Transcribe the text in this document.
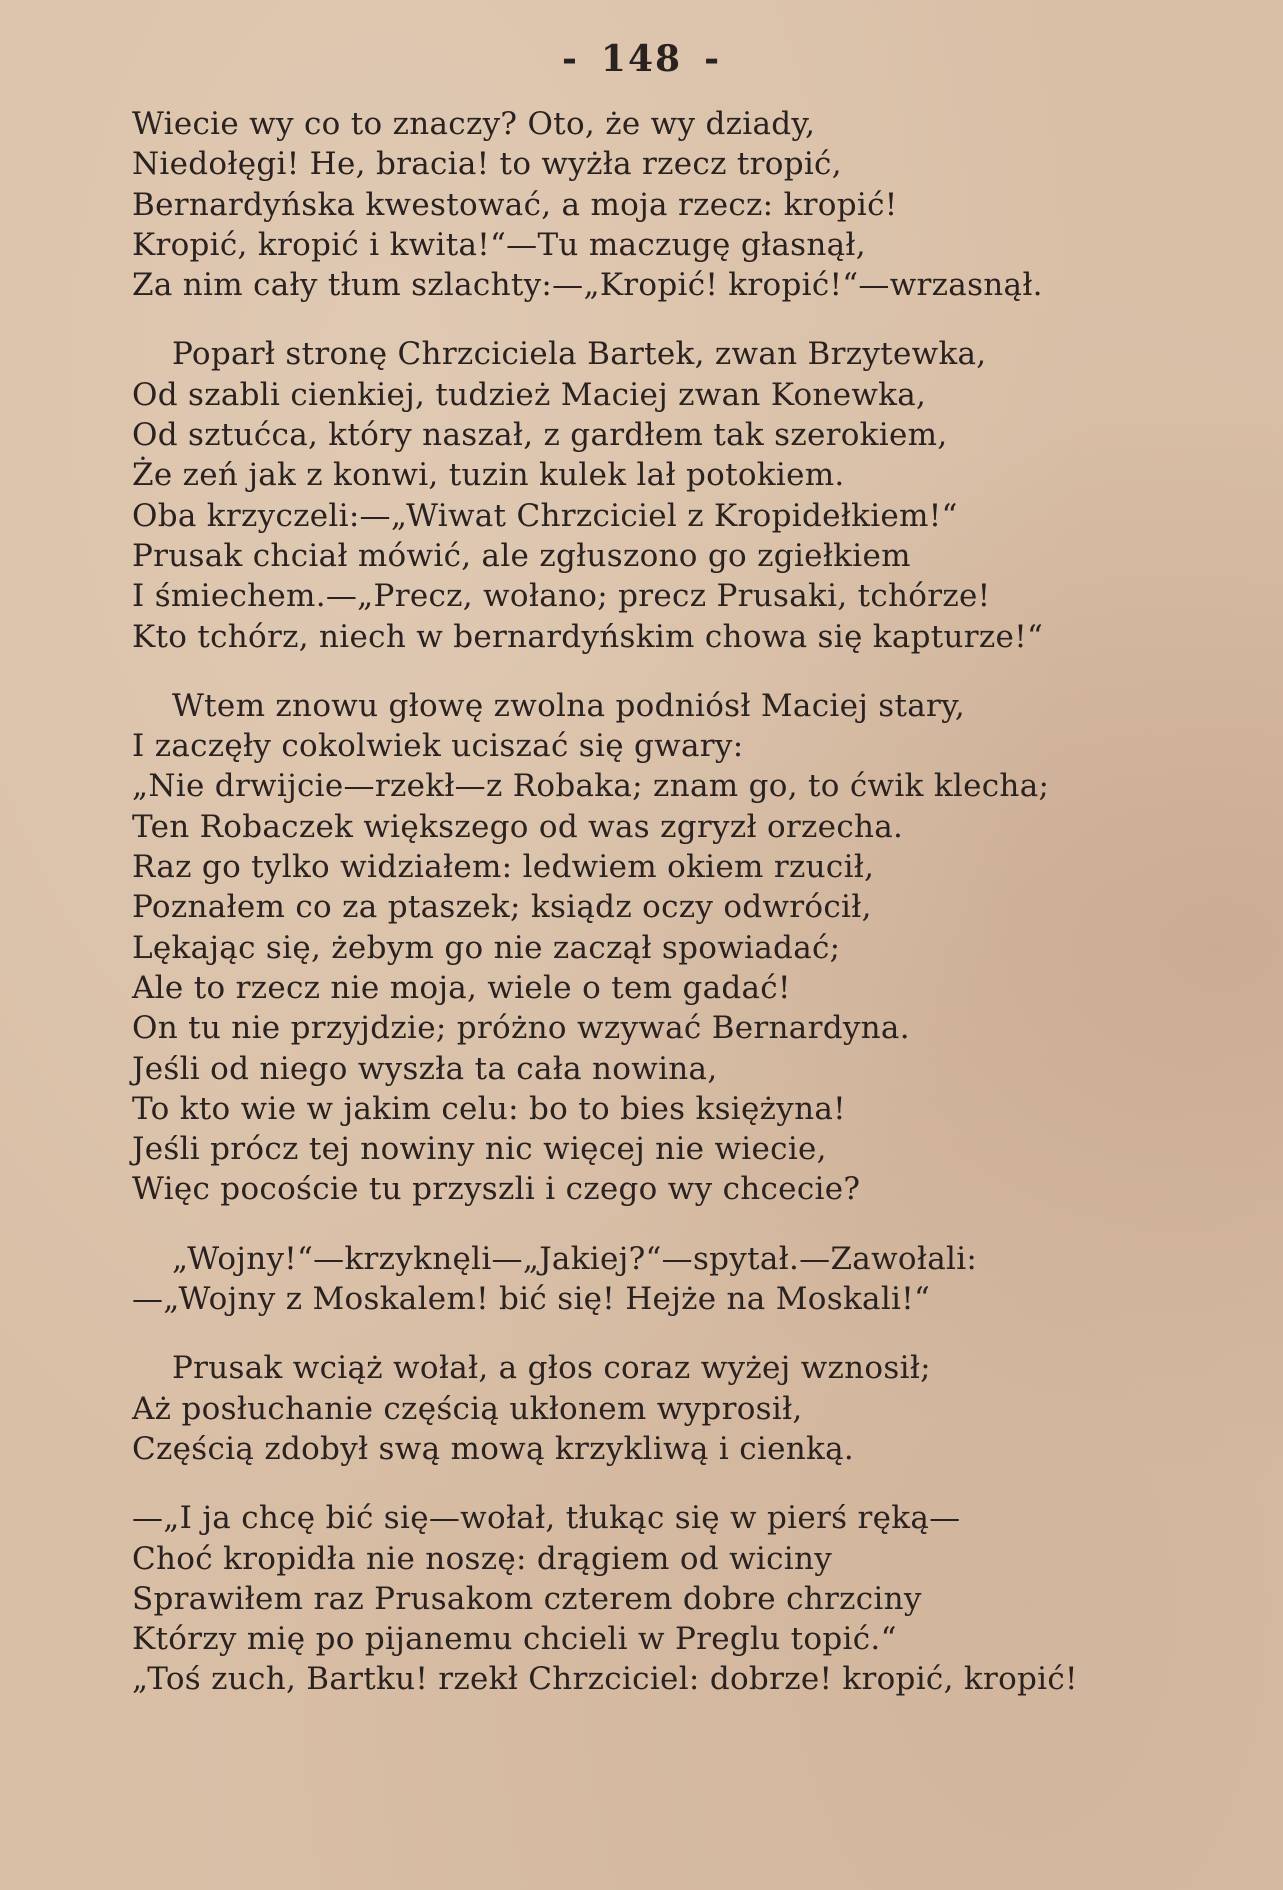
- 148 -
Wiecie wy co to znaczy? Oto, że wy dziady,
Niedołęgi! He, bracia! to wyżła rzecz tropić,
Bernardyńska kwestować, a moja rzecz: kropić!
Kropić, kropić i kwita!“—Tu maczugę głasnął,
Za nim cały tłum szlachty:—„Kropić! kropić!“—wrzasnął.
Poparł stronę Chrzciciela Bartek, zwan Brzytewka,
Od szabli cienkiej, tudzież Maciej zwan Konewka,
Od sztućca, który naszał, z gardłem tak szerokiem,
Że zeń jak z konwi, tuzin kulek lał potokiem.
Oba krzyczeli:—„Wiwat Chrzciciel z Kropidełkiem!“
Prusak chciał mówić, ale zgłuszono go zgiełkiem
I śmiechem.—„Precz, wołano; precz Prusaki, tchórze!
Kto tchórz, niech w bernardyńskim chowa się kapturze!“
Wtem znowu głowę zwolna podniósł Maciej stary,
I zaczęły cokolwiek uciszać się gwary:
„Nie drwijcie—rzekł—z Robaka; znam go, to ćwik klecha;
Ten Robaczek większego od was zgryzł orzecha.
Raz go tylko widziałem: ledwiem okiem rzucił,
Poznałem co za ptaszek; ksiądz oczy odwrócił,
Lękając się, żebym go nie zaczął spowiadać;
Ale to rzecz nie moja, wiele o tem gadać!
On tu nie przyjdzie; próżno wzywać Bernardyna.
Jeśli od niego wyszła ta cała nowina,
To kto wie w jakim celu: bo to bies księżyna!
Jeśli prócz tej nowiny nic więcej nie wiecie,
Więc pocoście tu przyszli i czego wy chcecie?
„Wojny!“—krzyknęli—„Jakiej?“—spytał.—Zawołali:
—„Wojny z Moskalem! bić się! Hejże na Moskali!“
Prusak wciąż wołał, a głos coraz wyżej wznosił;
Aż posłuchanie częścią ukłonem wyprosił,
Częścią zdobył swą mową krzykliwą i cienką.
—„I ja chcę bić się—wołał, tłukąc się w pierś ręką—
Choć kropidła nie noszę: drągiem od wiciny
Sprawiłem raz Prusakom czterem dobre chrzciny
Którzy mię po pijanemu chcieli w Preglu topić.“
„Toś zuch, Bartku! rzekł Chrzciciel: dobrze! kropić, kropić!
